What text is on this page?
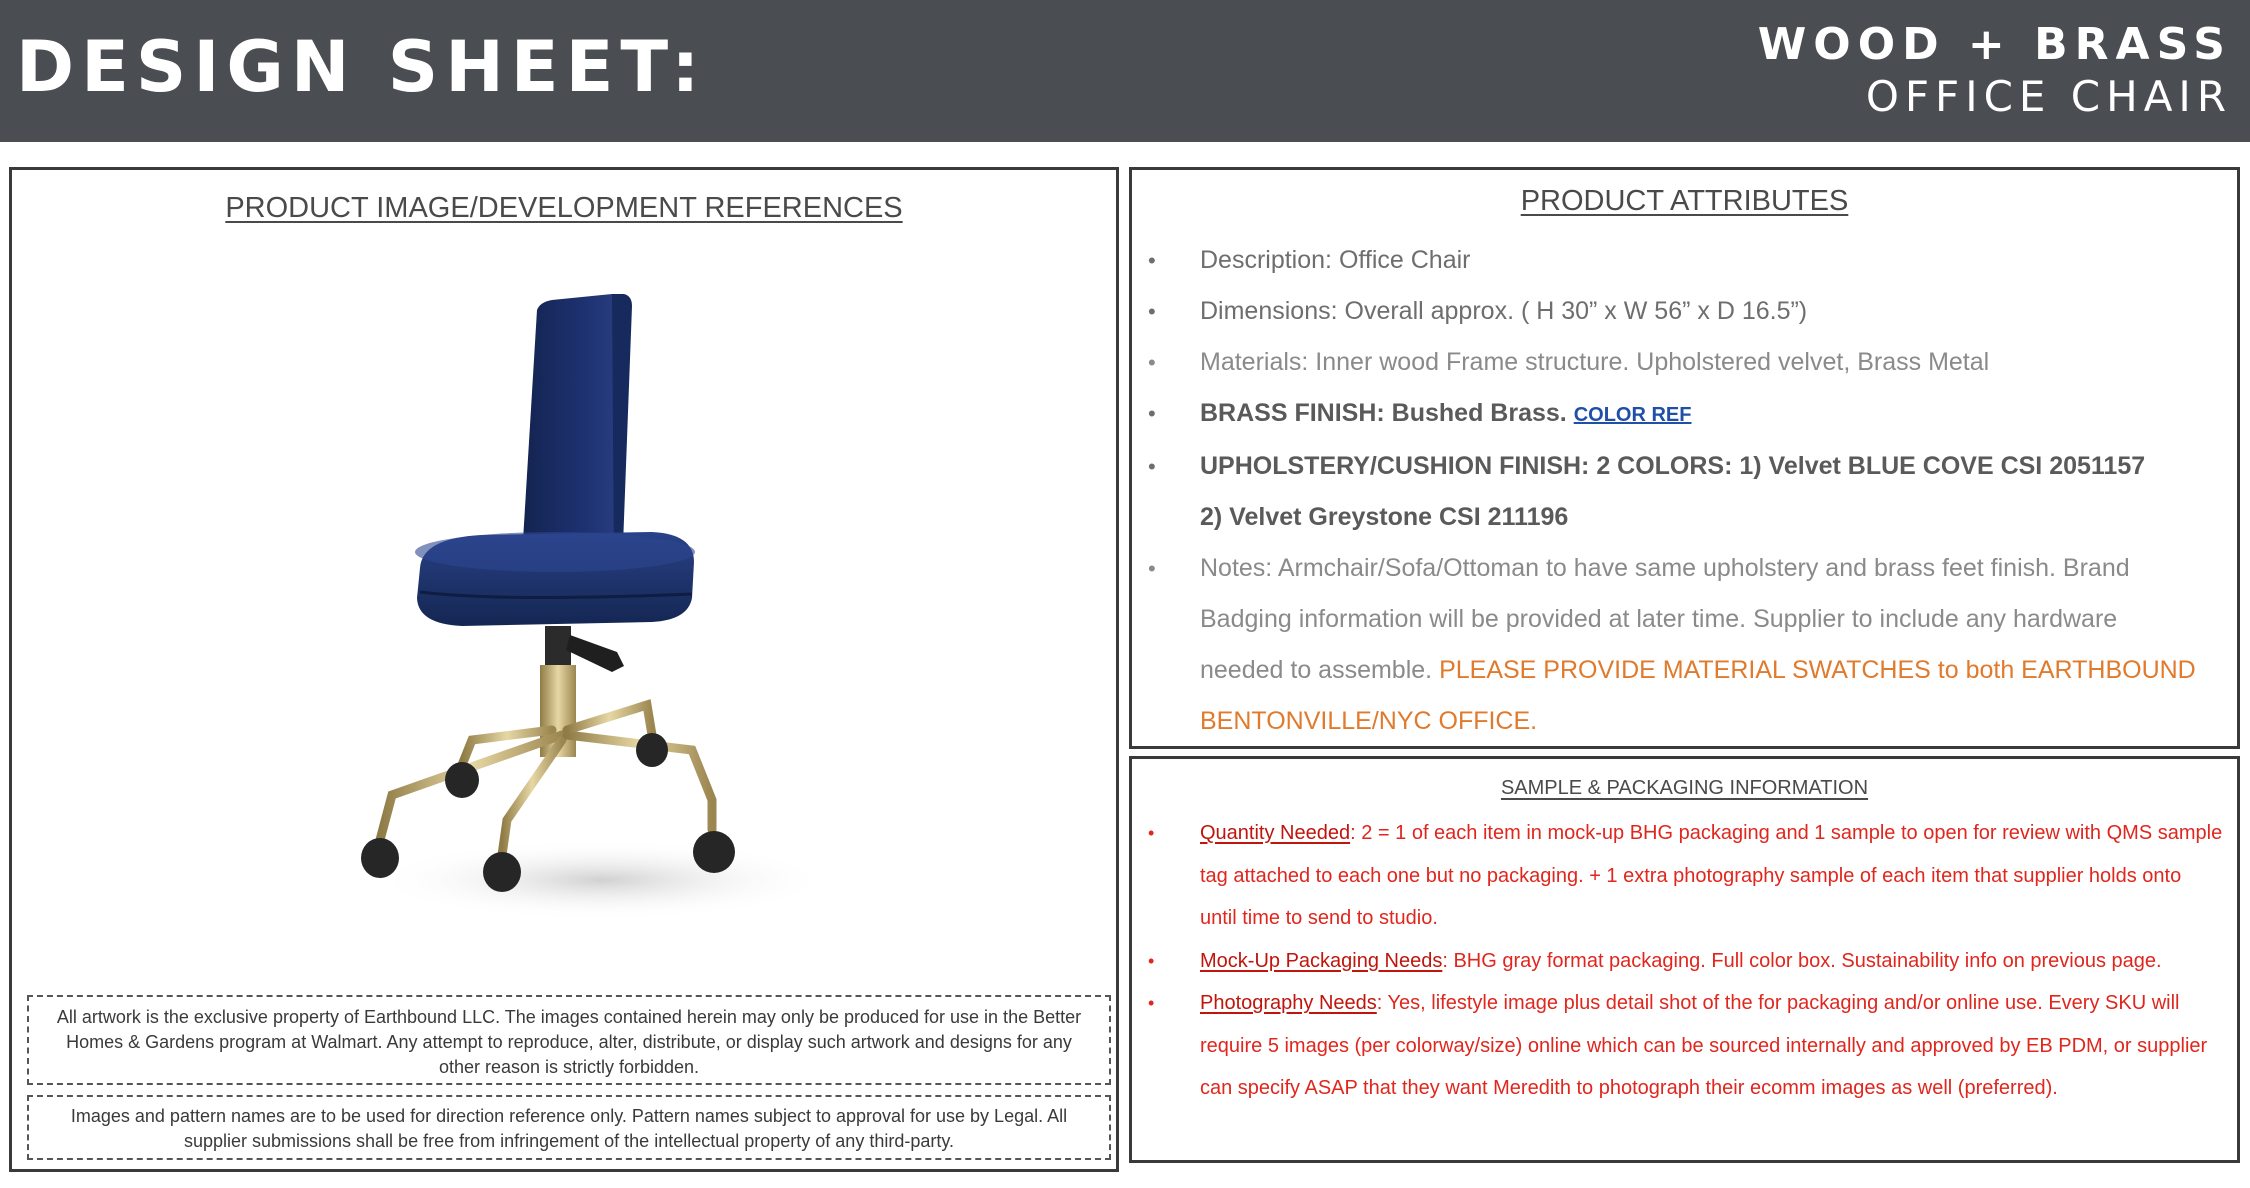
DESIGN SHEET:	WOOD + BRASS
OFFICE CHAIR
PRODUCT IMAGE/DEVELOPMENT REFERENCES
All artwork is the exclusive property of Earthbound LLC. The images contained herein may only be produced for use in the Better Homes & Gardens program at Walmart. Any attempt to reproduce, alter, distribute, or display such artwork and designs for any other reason is strictly forbidden.
Images and pattern names are to be used for direction reference only. Pattern names subject to approval for use by Legal. All supplier submissions shall be free from infringement of the intellectual property of any third-party.
PRODUCT ATTRIBUTES
• Description: Office Chair
• Dimensions: Overall approx. ( H 30” x W 56” x D 16.5”)
• Materials: Inner wood Frame structure. Upholstered velvet, Brass Metal
• BRASS FINISH: Bushed Brass. COLOR REF
• UPHOLSTERY/CUSHION FINISH: 2 COLORS: 1) Velvet BLUE COVE CSI 2051157
2) Velvet Greystone CSI 211196
• Notes: Armchair/Sofa/Ottoman to have same upholstery and brass feet finish. Brand Badging information will be provided at later time. Supplier to include any hardware needed to assemble. PLEASE PROVIDE MATERIAL SWATCHES to both EARTHBOUND BENTONVILLE/NYC OFFICE.
SAMPLE & PACKAGING INFORMATION
• Quantity Needed: 2 = 1 of each item in mock-up BHG packaging and 1 sample to open for review with QMS sample tag attached to each one but no packaging. + 1 extra photography sample of each item that supplier holds onto until time to send to studio.
• Mock-Up Packaging Needs: BHG gray format packaging. Full color box. Sustainability info on previous page.
• Photography Needs: Yes, lifestyle image plus detail shot of the for packaging and/or online use. Every SKU will require 5 images (per colorway/size) online which can be sourced internally and approved by EB PDM, or supplier can specify ASAP that they want Meredith to photograph their ecomm images as well (preferred).
